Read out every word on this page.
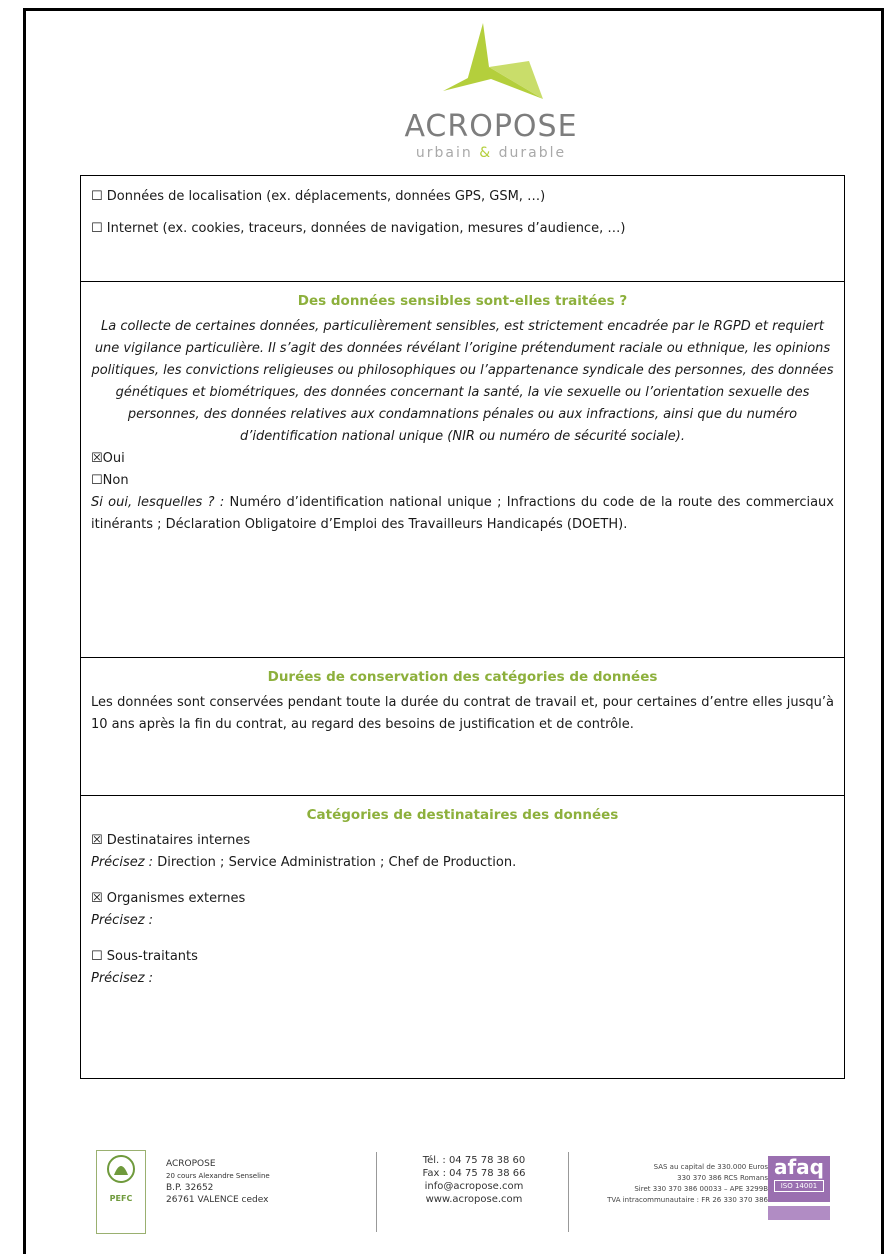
ACROPOSE
urbain & durable

☐ Données de localisation (ex. déplacements, données GPS, GSM, …)

☐ Internet (ex. cookies, traceurs, données de navigation, mesures d’audience, …)

Des données sensibles sont-elles traitées ?

La collecte de certaines données, particulièrement sensibles, est strictement encadrée par le RGPD et requiert une vigilance particulière. Il s’agit des données révélant l’origine prétendument raciale ou ethnique, les opinions politiques, les convictions religieuses ou philosophiques ou l’appartenance syndicale des personnes, des données génétiques et biométriques, des données concernant la santé, la vie sexuelle ou l’orientation sexuelle des personnes, des données relatives aux condamnations pénales ou aux infractions, ainsi que du numéro d’identification national unique (NIR ou numéro de sécurité sociale).

☒Oui

☐Non

Si oui, lesquelles ? : Numéro d’identification national unique ; Infractions du code de la route des commerciaux itinérants ; Déclaration Obligatoire d’Emploi des Travailleurs Handicapés (DOETH).

Durées de conservation des catégories de données

Les données sont conservées pendant toute la durée du contrat de travail et, pour certaines d’entre elles jusqu’à 10 ans après la fin du contrat, au regard des besoins de justification et de contrôle.

Catégories de destinataires des données

☒ Destinataires internes

Précisez : Direction ; Service Administration ; Chef de Production.

☒ Organismes externes

Précisez :

☐ Sous-traitants

Précisez :

PEFC
ACROPOSE
20 cours Alexandre Senseline
B.P. 32652
26761 VALENCE cedex
Tél. : 04 75 78 38 60
Fax : 04 75 78 38 66
info@acropose.com
www.acropose.com
SAS au capital de 330.000 Euros
330 370 386 RCS Romans
Siret 330 370 386 00033 – APE 3299B
TVA intracommunautaire : FR 26 330 370 386
afaq
ISO 14001
